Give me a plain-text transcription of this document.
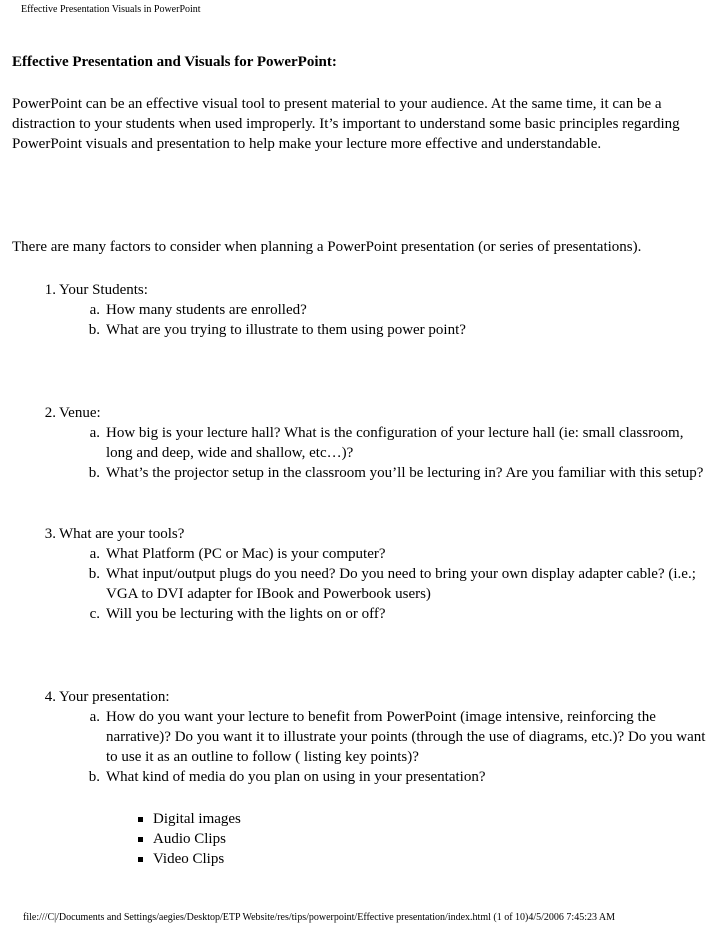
Effective Presentation Visuals in PowerPoint
Effective Presentation and Visuals for PowerPoint:

PowerPoint can be an effective visual tool to present material to your audience. At the same time, it can be a distraction to your students when used improperly. It’s important to understand some basic principles regarding PowerPoint visuals and presentation to help make your lecture more effective and understandable.

There are many factors to consider when planning a PowerPoint presentation (or series of presentations).

1. Your Students:
a. How many students are enrolled?
b. What are you trying to illustrate to them using power point?
2. Venue:
a. How big is your lecture hall? What is the configuration of your lecture hall (ie: small classroom, long and deep, wide and shallow, etc…)?
b. What’s the projector setup in the classroom you’ll be lecturing in? Are you familiar with this setup?
3. What are your tools?
a. What Platform (PC or Mac) is your computer?
b. What input/output plugs do you need? Do you need to bring your own display adapter cable? (i.e.; VGA to DVI adapter for IBook and Powerbook users)
c. Will you be lecturing with the lights on or off?
4. Your presentation:
a. How do you want your lecture to benefit from PowerPoint (image intensive, reinforcing the narrative)? Do you want it to illustrate your points (through the use of diagrams, etc.)? Do you want to use it as an outline to follow ( listing key points)?
b. What kind of media do you plan on using in your presentation?
Digital images
Audio Clips
Video Clips
file:///C|/Documents and Settings/aegies/Desktop/ETP Website/res/tips/powerpoint/Effective presentation/index.html (1 of 10)4/5/2006 7:45:23 AM
